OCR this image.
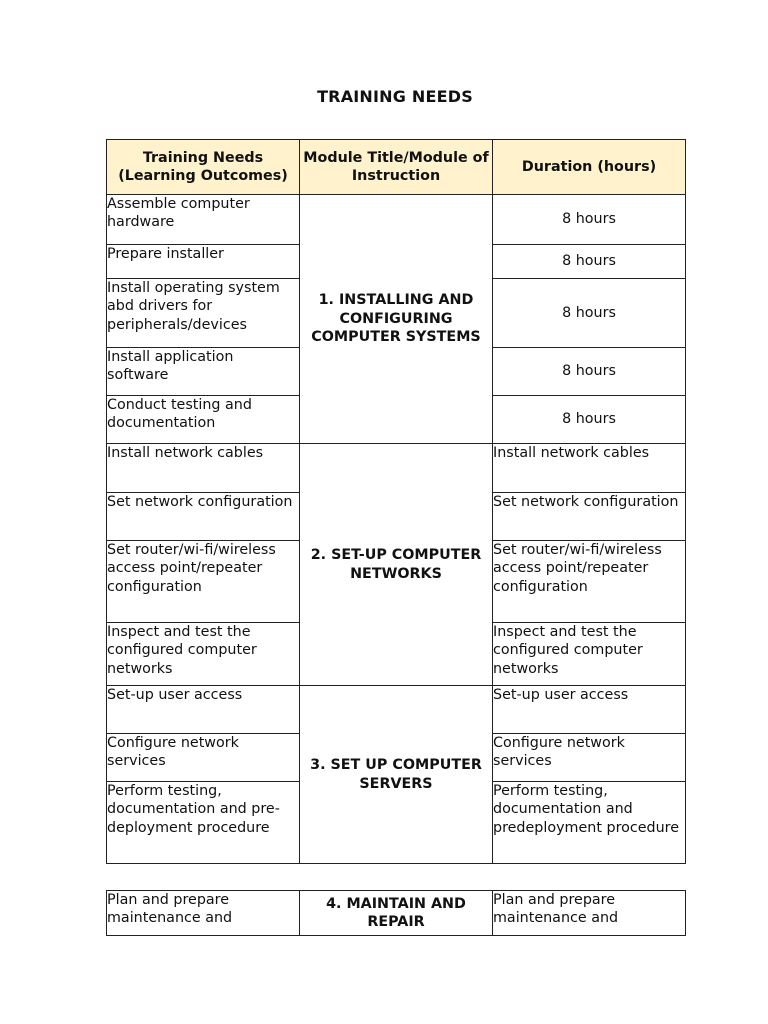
TRAINING NEEDS
Training Needs (Learning Outcomes)	Module Title/Module of Instruction	Duration (hours)
Assemble computer hardware	1. INSTALLING AND CONFIGURING COMPUTER SYSTEMS	8 hours
Prepare installer		8 hours
Install operating system abd drivers for peripherals/devices		8 hours
Install application software		8 hours
Conduct testing and documentation		8 hours
Install network cables	2. SET-UP COMPUTER NETWORKS	Install network cables
Set network configuration		Set network configuration
Set router/wi-fi/wireless access point/repeater configuration		Set router/wi-fi/wireless access point/repeater configuration
Inspect and test the configured computer networks		Inspect and test the configured computer networks
Set-up user access	3. SET UP COMPUTER SERVERS	Set-up user access
Configure network services		Configure network services
Perform testing, documentation and pre-deployment procedure		Perform testing, documentation and predeployment procedure
Plan and prepare maintenance and	4. MAINTAIN AND REPAIR	Plan and prepare maintenance and
